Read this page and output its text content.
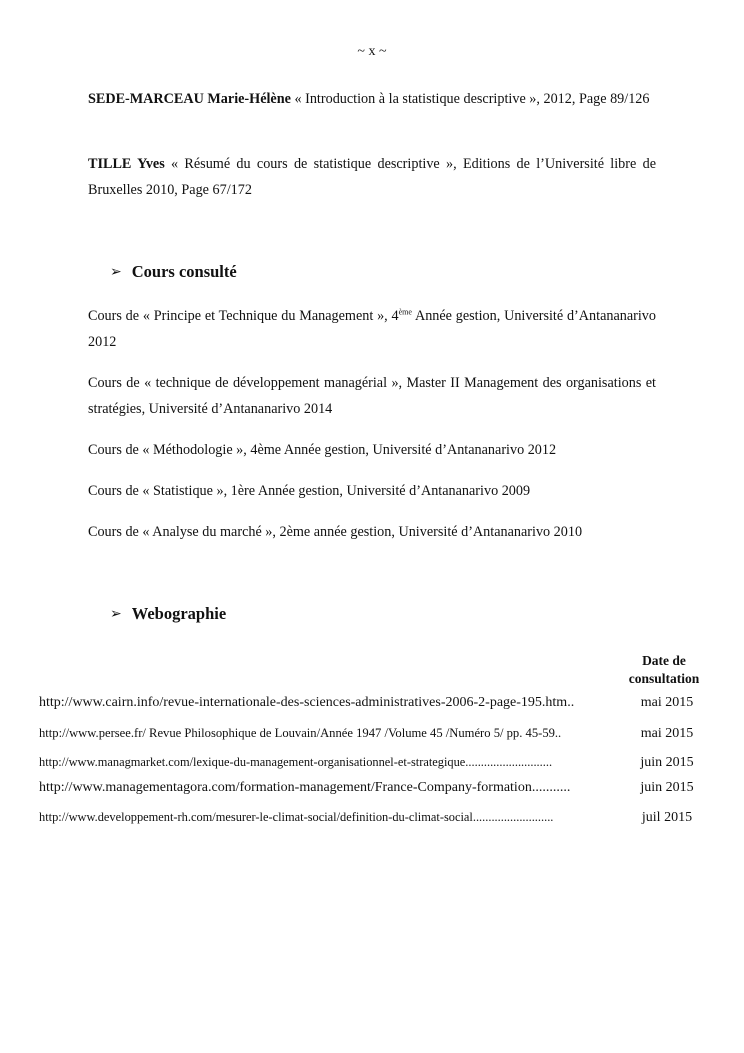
~ x ~

SEDE-MARCEAU Marie-Hélène « Introduction à la statistique descriptive », 2012, Page 89/126

TILLE Yves « Résumé du cours de statistique descriptive », Editions de l’Université libre de Bruxelles 2010, Page 67/172

➢ Cours consulté

Cours de « Principe et Technique du Management », 4ème Année gestion, Université d’Antananarivo 2012

Cours de « technique de développement managérial », Master II Management des organisations et stratégies, Université d’Antananarivo 2014

Cours de « Méthodologie », 4ème Année gestion, Université d’Antananarivo 2012

Cours de « Statistique », 1ère Année gestion, Université d’Antananarivo 2009

Cours de « Analyse du marché », 2ème année gestion, Université d’Antananarivo 2010

➢ Webographie
Date de
consultation
http://www.cairn.info/revue-internationale-des-sciences-administratives-2006-2-page-195.htm..	mai 2015
http://www.persee.fr/ Revue Philosophique de Louvain/Année 1947 /Volume 45 /Numéro 5/ pp. 45-59..	mai 2015
http://www.managmarket.com/lexique-du-management-organisationnel-et-strategique............................	juin 2015
http://www.managementagora.com/formation-management/France-Company-formation...........	juin 2015
http://www.developpement-rh.com/mesurer-le-climat-social/definition-du-climat-social..........................	juil 2015
